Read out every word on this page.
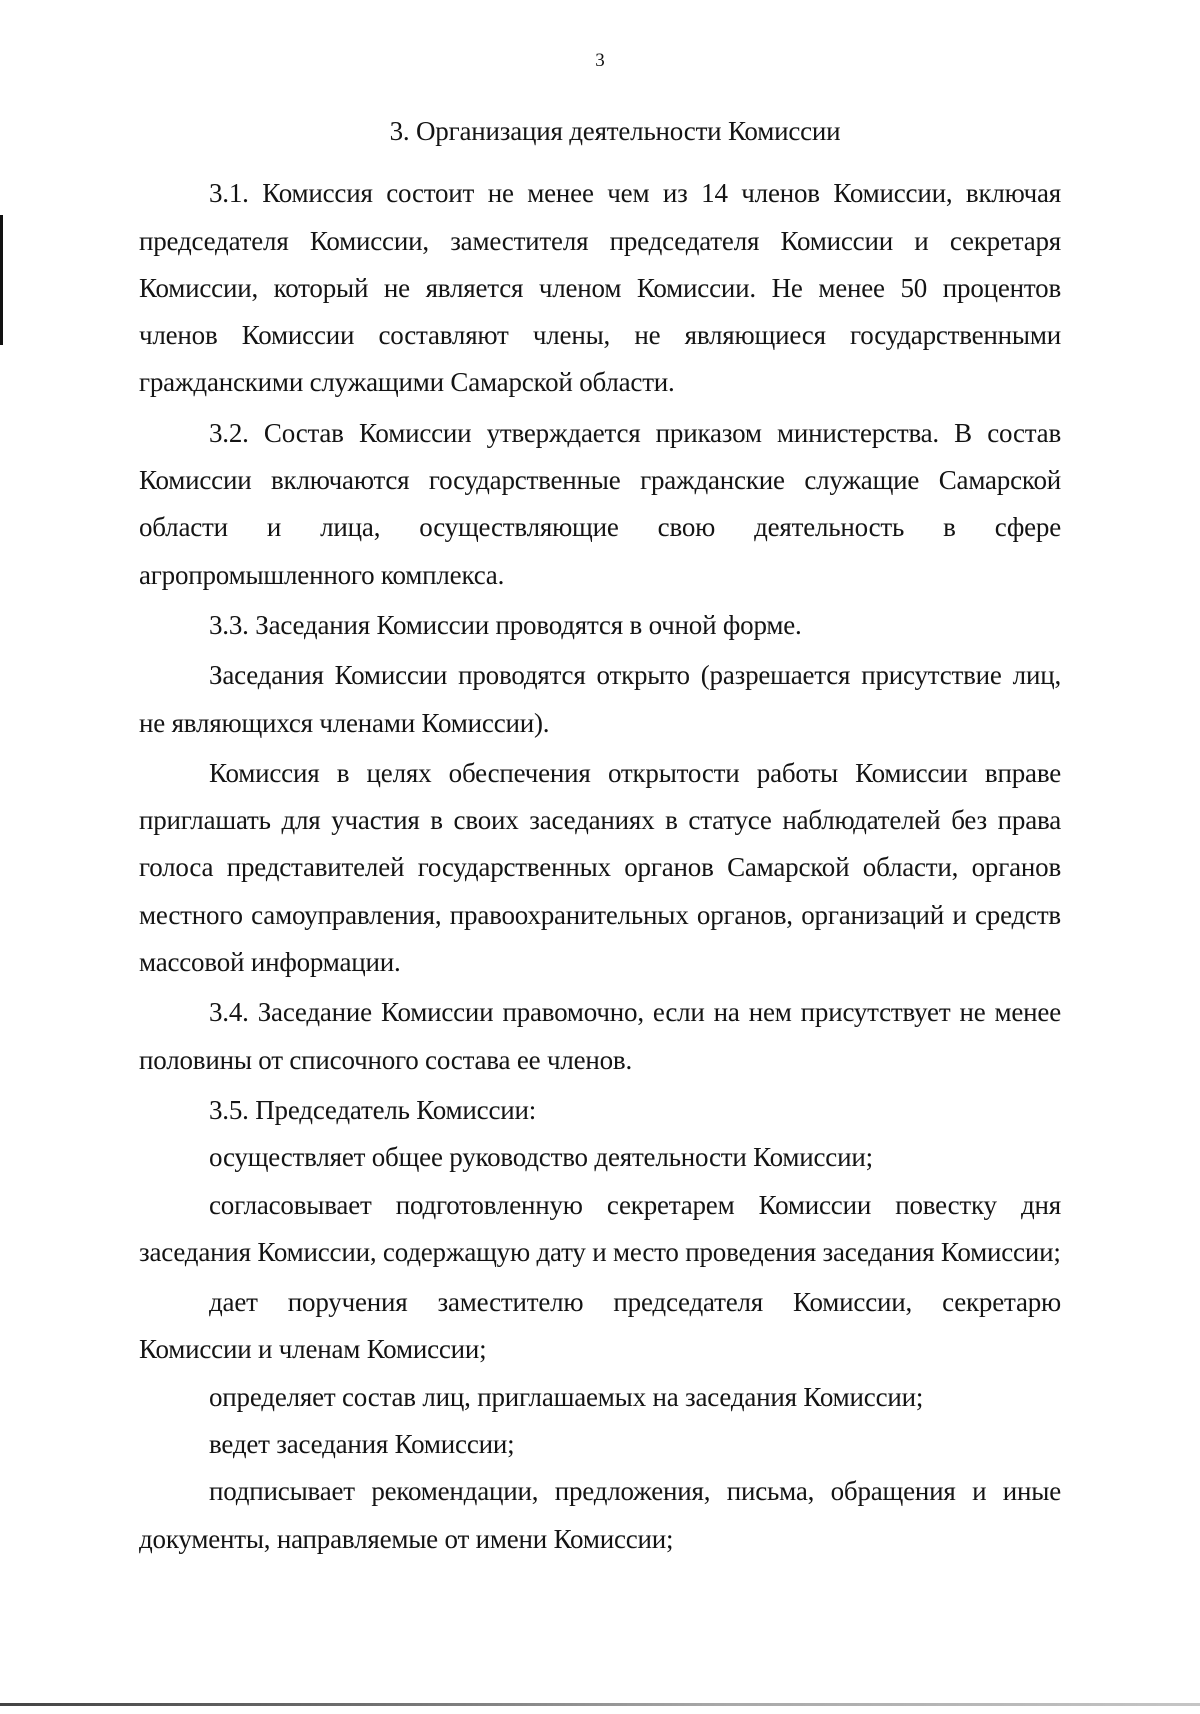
3

3. Организация деятельности Комиссии

3.1. Комиссия состоит не менее чем из 14 членов Комиссии, включая председателя Комиссии, заместителя председателя Комиссии и секретаря Комиссии, который не является членом Комиссии. Не менее 50 процентов членов Комиссии составляют члены, не являющиеся государственными гражданскими служащими Самарской области.

3.2. Состав Комиссии утверждается приказом министерства. В состав Комиссии включаются государственные гражданские служащие Самарской области и лица, осуществляющие свою деятельность в сфере агропромышленного комплекса.

3.3. Заседания Комиссии проводятся в очной форме.

Заседания Комиссии проводятся открыто (разрешается присутствие лиц, не являющихся членами Комиссии).

Комиссия в целях обеспечения открытости работы Комиссии вправе приглашать для участия в своих заседаниях в статусе наблюдателей без права голоса представителей государственных органов Самарской области, органов местного самоуправления, правоохранительных органов, организаций и средств массовой информации.

3.4. Заседание Комиссии правомочно, если на нем присутствует не менее половины от списочного состава ее членов.

3.5. Председатель Комиссии:

осуществляет общее руководство деятельности Комиссии;

согласовывает подготовленную секретарем Комиссии повестку дня заседания Комиссии, содержащую дату и место проведения заседания Комиссии;

дает поручения заместителю председателя Комиссии, секретарю Комиссии и членам Комиссии;

определяет состав лиц, приглашаемых на заседания Комиссии;

ведет заседания Комиссии;

подписывает рекомендации, предложения, письма, обращения и иные документы, направляемые от имени Комиссии;
